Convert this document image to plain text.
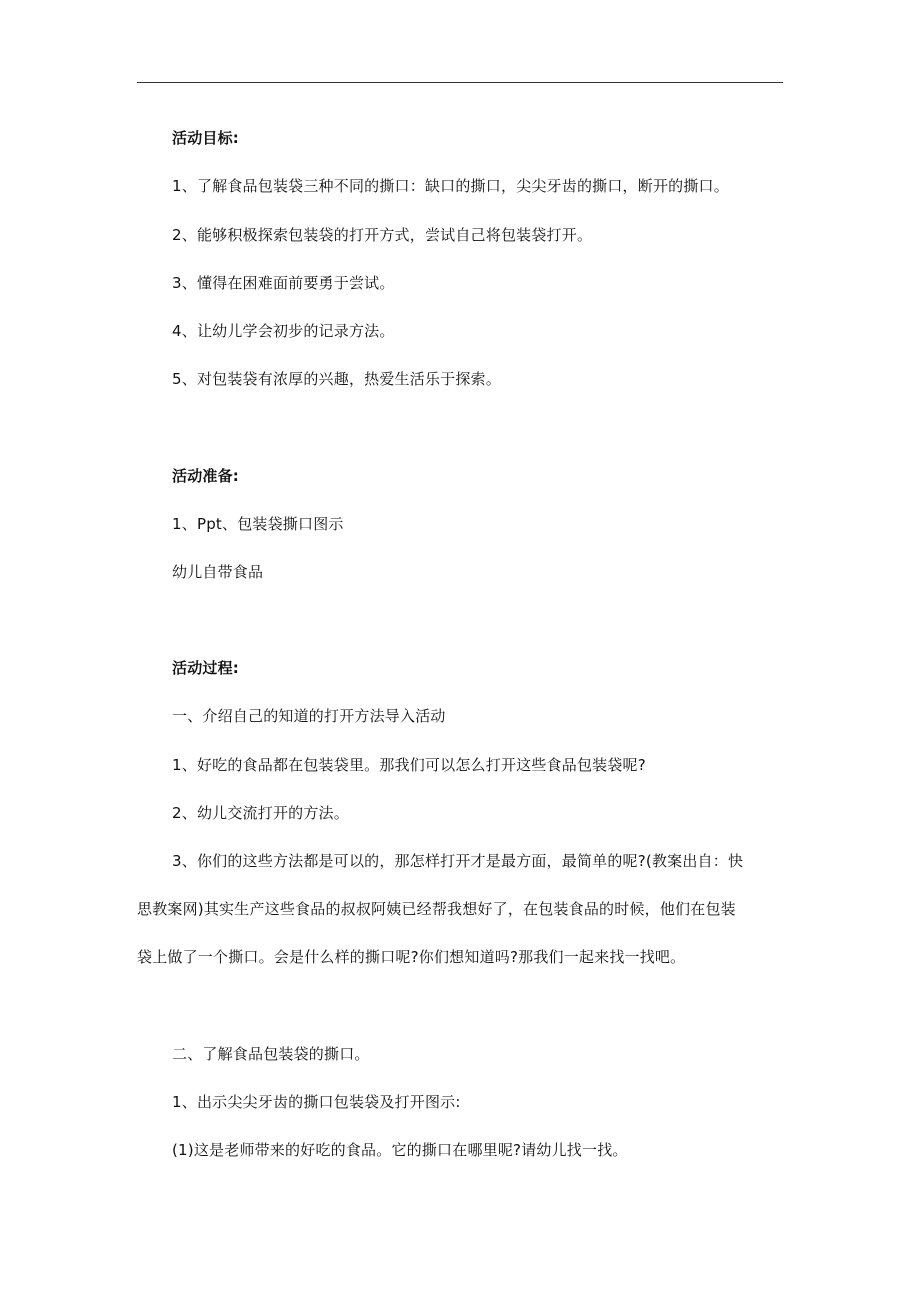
活动目标:
1、了解食品包装袋三种不同的撕口：缺口的撕口，尖尖牙齿的撕口，断开的撕口。
2、能够积极探索包装袋的打开方式，尝试自己将包装袋打开。
3、懂得在困难面前要勇于尝试。
4、让幼儿学会初步的记录方法。
5、对包装袋有浓厚的兴趣，热爱生活乐于探索。
活动准备:
1、Ppt、包装袋撕口图示
幼儿自带食品
活动过程:
一、介绍自己的知道的打开方法导入活动
1、好吃的食品都在包装袋里。那我们可以怎么打开这些食品包装袋呢?
2、幼儿交流打开的方法。
3、你们的这些方法都是可以的，那怎样打开才是最方面，最简单的呢?(教案出自：快
思教案网)其实生产这些食品的叔叔阿姨已经帮我想好了，在包装食品的时候，他们在包装
袋上做了一个撕口。会是什么样的撕口呢?你们想知道吗?那我们一起来找一找吧。
二、了解食品包装袋的撕口。
1、出示尖尖牙齿的撕口包装袋及打开图示:
(1)这是老师带来的好吃的食品。它的撕口在哪里呢?请幼儿找一找。
